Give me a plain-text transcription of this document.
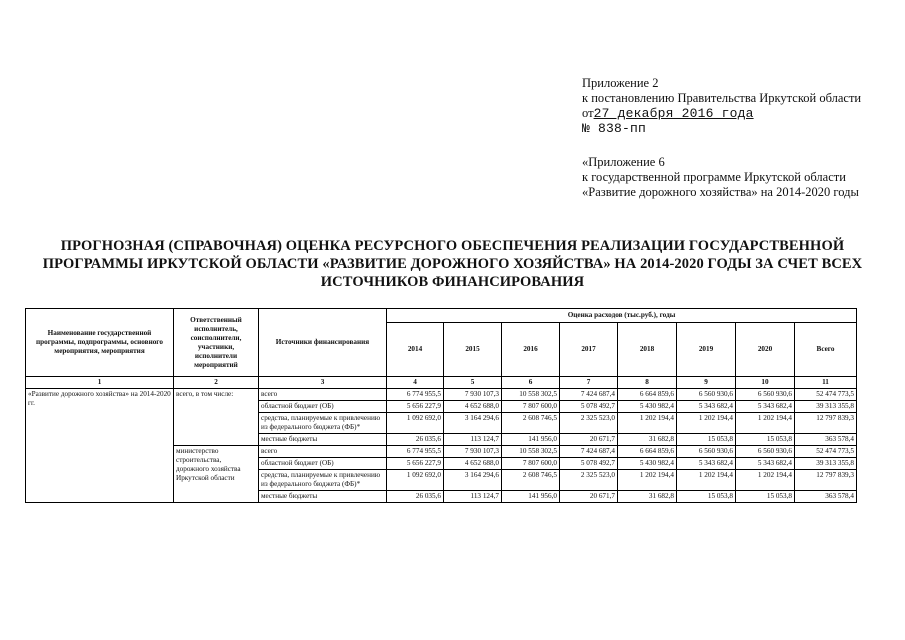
Приложение 2
к постановлению Правительства Иркутской области
от27 декабря 2016 года
№ 838-пп
«Приложение 6
к государственной программе Иркутской области
«Развитие дорожного хозяйства» на 2014-2020 годы
ПРОГНОЗНАЯ (СПРАВОЧНАЯ) ОЦЕНКА РЕСУРСНОГО ОБЕСПЕЧЕНИЯ РЕАЛИЗАЦИИ ГОСУДАРСТВЕННОЙ
ПРОГРАММЫ ИРКУТСКОЙ ОБЛАСТИ «РАЗВИТИЕ ДОРОЖНОГО ХОЗЯЙСТВА» НА 2014-2020 ГОДЫ ЗА СЧЕТ ВСЕХ
ИСТОЧНИКОВ ФИНАНСИРОВАНИЯ
Наименование государственной программы, подпрограммы, основного мероприятия, мероприятия	Ответственный исполнитель, соисполнители, участники, исполнители мероприятий	Источники финансирования	Оценка расходов (тыс.руб.), годы							
			2014	2015	2016	2017	2018	2019	2020	Всего
1	2	3	4	5	6	7	8	9	10	11
«Развитие дорожного хозяйства» на 2014-2020 гг.	всего, в том числе:	всего	6 774 955,5	7 930 107,3	10 558 302,5	7 424 687,4	6 664 859,6	6 560 930,6	6 560 930,6	52 474 773,5
		областной бюджет (ОБ)	5 656 227,9	4 652 688,0	7 807 600,0	5 078 492,7	5 430 982,4	5 343 682,4	5 343 682,4	39 313 355,8
		средства, планируемые к привлечению из федерального бюджета (ФБ)*	1 092 692,0	3 164 294,6	2 608 746,5	2 325 523,0	1 202 194,4	1 202 194,4	1 202 194,4	12 797 839,3
		местные бюджеты	26 035,6	113 124,7	141 956,0	20 671,7	31 682,8	15 053,8	15 053,8	363 578,4
	министерство строительства, дорожного хозяйства Иркутской области	всего	6 774 955,5	7 930 107,3	10 558 302,5	7 424 687,4	6 664 859,6	6 560 930,6	6 560 930,6	52 474 773,5
		областной бюджет (ОБ)	5 656 227,9	4 652 688,0	7 807 600,0	5 078 492,7	5 430 982,4	5 343 682,4	5 343 682,4	39 313 355,8
		средства, планируемые к привлечению из федерального бюджета (ФБ)*	1 092 692,0	3 164 294,6	2 608 746,5	2 325 523,0	1 202 194,4	1 202 194,4	1 202 194,4	12 797 839,3
		местные бюджеты	26 035,6	113 124,7	141 956,0	20 671,7	31 682,8	15 053,8	15 053,8	363 578,4
